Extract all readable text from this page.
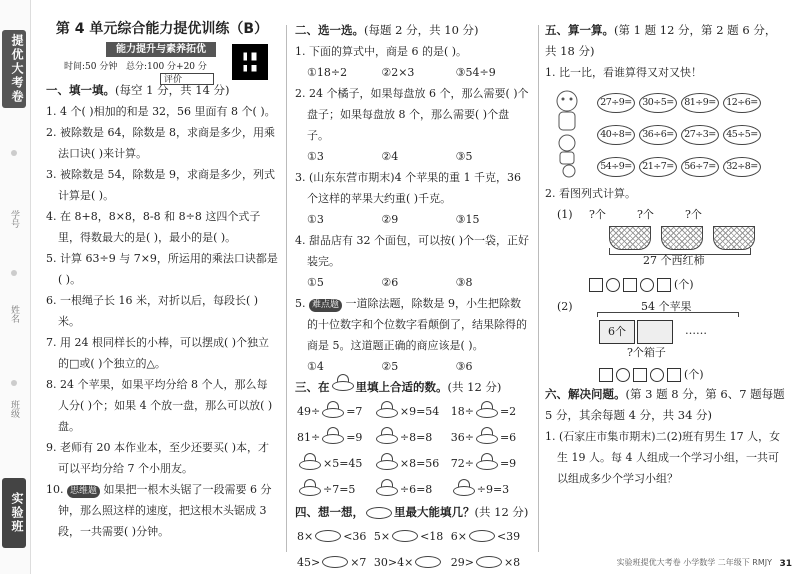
提优大考卷
学号
姓名
班级
实验班
第 4 单元综合能力提优训练（B）
能力提升与素养拓优
时间:50 分钟 总分:100 分+20 分
评价
一、填一填。(每空 1 分，共 14 分)

1. 4 个( )相加的和是 32，56 里面有 8 个( )。

2. 被除数是 64，除数是 8，求商是多少，用乘法口诀( )来计算。

3. 被除数是 54，除数是 9，求商是多少，列式计算是( )。

4. 在 8+8，8×8，8-8 和 8÷8 这四个式子里，得数最大的是( )，最小的是( )。

5. 计算 63÷9 与 7×9，所运用的乘法口诀都是( )。

6. 一根绳子长 16 米，对折以后，每段长( )米。

7. 用 24 根同样长的小棒，可以摆成( )个独立的□或( )个独立的△。

8. 24 个苹果，如果平均分给 8 个人，那么每人分( )个；如果 4 个放一盘，那么可以放( )盘。

9. 老师有 20 本作业本，至少还要买( )本，才可以平均分给 7 个小朋友。

10. 思维题 如果把一根木头锯了一段需要 6 分钟，那么照这样的速度，把这根木头锯成 3 段，一共需要( )分钟。

二、选一选。(每题 2 分，共 10 分)

1. 下面的算式中，商是 6 的是( )。

①18÷2	②2×3	③54÷9

2. 24 个橘子，如果每盘放 6 个，那么需要( )个盘子；如果每盘放 8 个，那么需要( )个盘子。

①3	②4	③5

3. (山东东营市期末)4 个苹果的重 1 千克，36 个这样的苹果大约重( )千克。

①3	②9	③15

4. 甜品店有 32 个面包，可以按( )个一袋，正好装完。

①5	②6	③8

5. 难点题 一道除法题，除数是 9，小生把除数的十位数字和个位数字看颠倒了，结果除得的商是 5。这道题正确的商应该是( )。

①4	②5	③6
三、在 里填上合适的数。(共 12 分)
49÷ =7	×9=54 18÷ =2
81÷ =9	÷8=8 36÷ =6
×5=45	×8=56 72÷ =9
÷7=5	÷6=8	÷9=3
四、想一想，	里最大能填几？(共 12 分)
8×	<36 5×	<18 6×	<39
45>	×7 30>4×	29>	×8
五、算一算。(第 1 题 12 分，第 2 题 6 分，共 18 分)

1. 比一比，看谁算得又对又快！

27÷9=	30÷5=	81÷9=	12÷6=
40÷8=	36÷6=	27÷3=	45÷5=
54÷9=	21÷7=	56÷7=	32÷8=

2. 看图列式计算。

(1) ?个	?个	?个
27 个西红柿
(个)
(2)	54 个苹果
6个	……
?个箱子
(个)
六、解决问题。(第 3 题 8 分，第 6、7 题每题 5 分，其余每题 4 分，共 34 分)

1. (石家庄市集市期末)二(2)班有男生 17 人，女生 19 人。每 4 人组成一个学习小组，一共可以组成多少个学习小组？

实验班提优大考卷 小学数学 二年级下 RMJY 31
